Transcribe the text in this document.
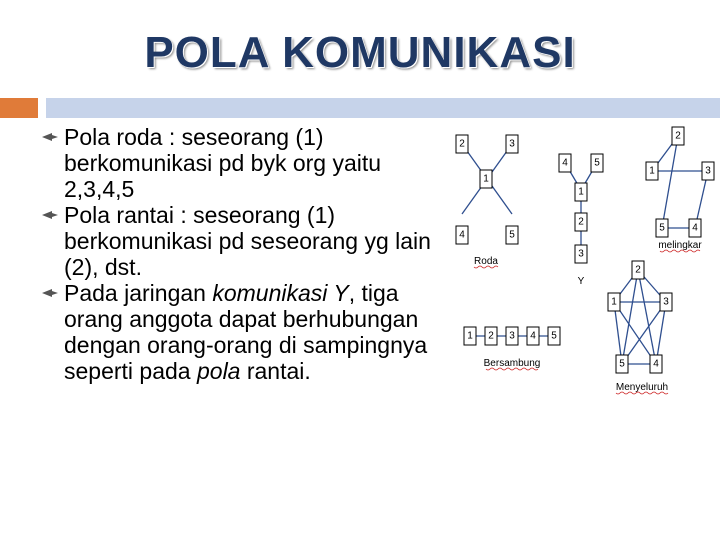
POLA KOMUNIKASI
Pola roda : seseorang (1) berkomunikasi pd byk org yaitu 2,3,4,5
Pola rantai : seseorang (1) berkomunikasi pd seseorang yg lain (2), dst.
Pada jaringan komunikasi Y, tiga orang anggota dapat berhubungan dengan orang-orang di sampingnya seperti pada pola rantai.
2	3
1
4	5
4	5
1
2
3
2
1	3
5	4
1 2 3 4 5
2
1	3
5	4
Roda
Y
melingkar
Bersambung
Menyeluruh
